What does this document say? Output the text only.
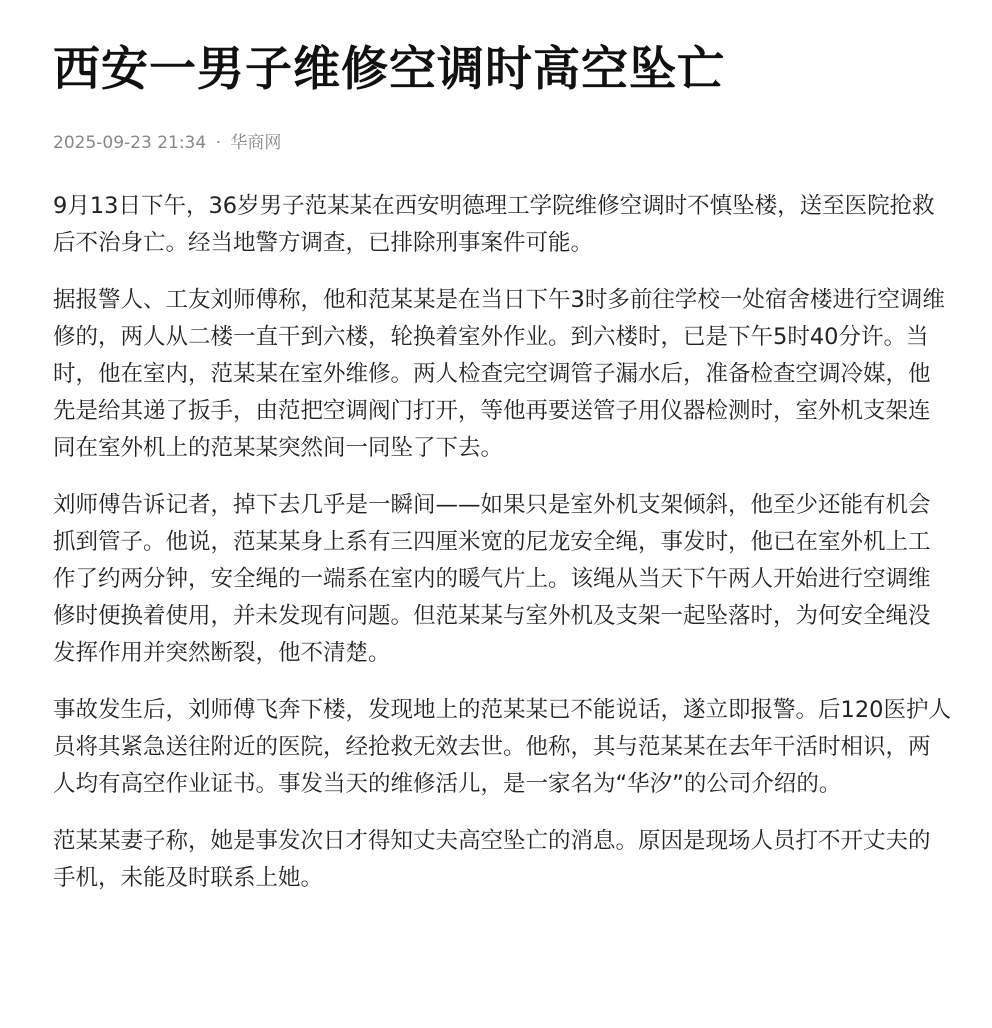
西安一男子维修空调时高空坠亡
2025-09-23 21:34 · 华商网

9月13日下午，36岁男子范某某在西安明德理工学院维修空调时不慎坠楼，送至医院抢救后不治身亡。经当地警方调查，已排除刑事案件可能。

据报警人、工友刘师傅称，他和范某某是在当日下午3时多前往学校一处宿舍楼进行空调维修的，两人从二楼一直干到六楼，轮换着室外作业。到六楼时，已是下午5时40分许。当时，他在室内，范某某在室外维修。两人检查完空调管子漏水后，准备检查空调冷媒，他先是给其递了扳手，由范把空调阀门打开，等他再要送管子用仪器检测时，室外机支架连同在室外机上的范某某突然间一同坠了下去。

刘师傅告诉记者，掉下去几乎是一瞬间——如果只是室外机支架倾斜，他至少还能有机会抓到管子。他说，范某某身上系有三四厘米宽的尼龙安全绳，事发时，他已在室外机上工作了约两分钟，安全绳的一端系在室内的暖气片上。该绳从当天下午两人开始进行空调维修时便换着使用，并未发现有问题。但范某某与室外机及支架一起坠落时，为何安全绳没发挥作用并突然断裂，他不清楚。

事故发生后，刘师傅飞奔下楼，发现地上的范某某已不能说话，遂立即报警。后120医护人员将其紧急送往附近的医院，经抢救无效去世。他称，其与范某某在去年干活时相识，两人均有高空作业证书。事发当天的维修活儿，是一家名为“华汐”的公司介绍的。

范某某妻子称，她是事发次日才得知丈夫高空坠亡的消息。原因是现场人员打不开丈夫的手机，未能及时联系上她。
